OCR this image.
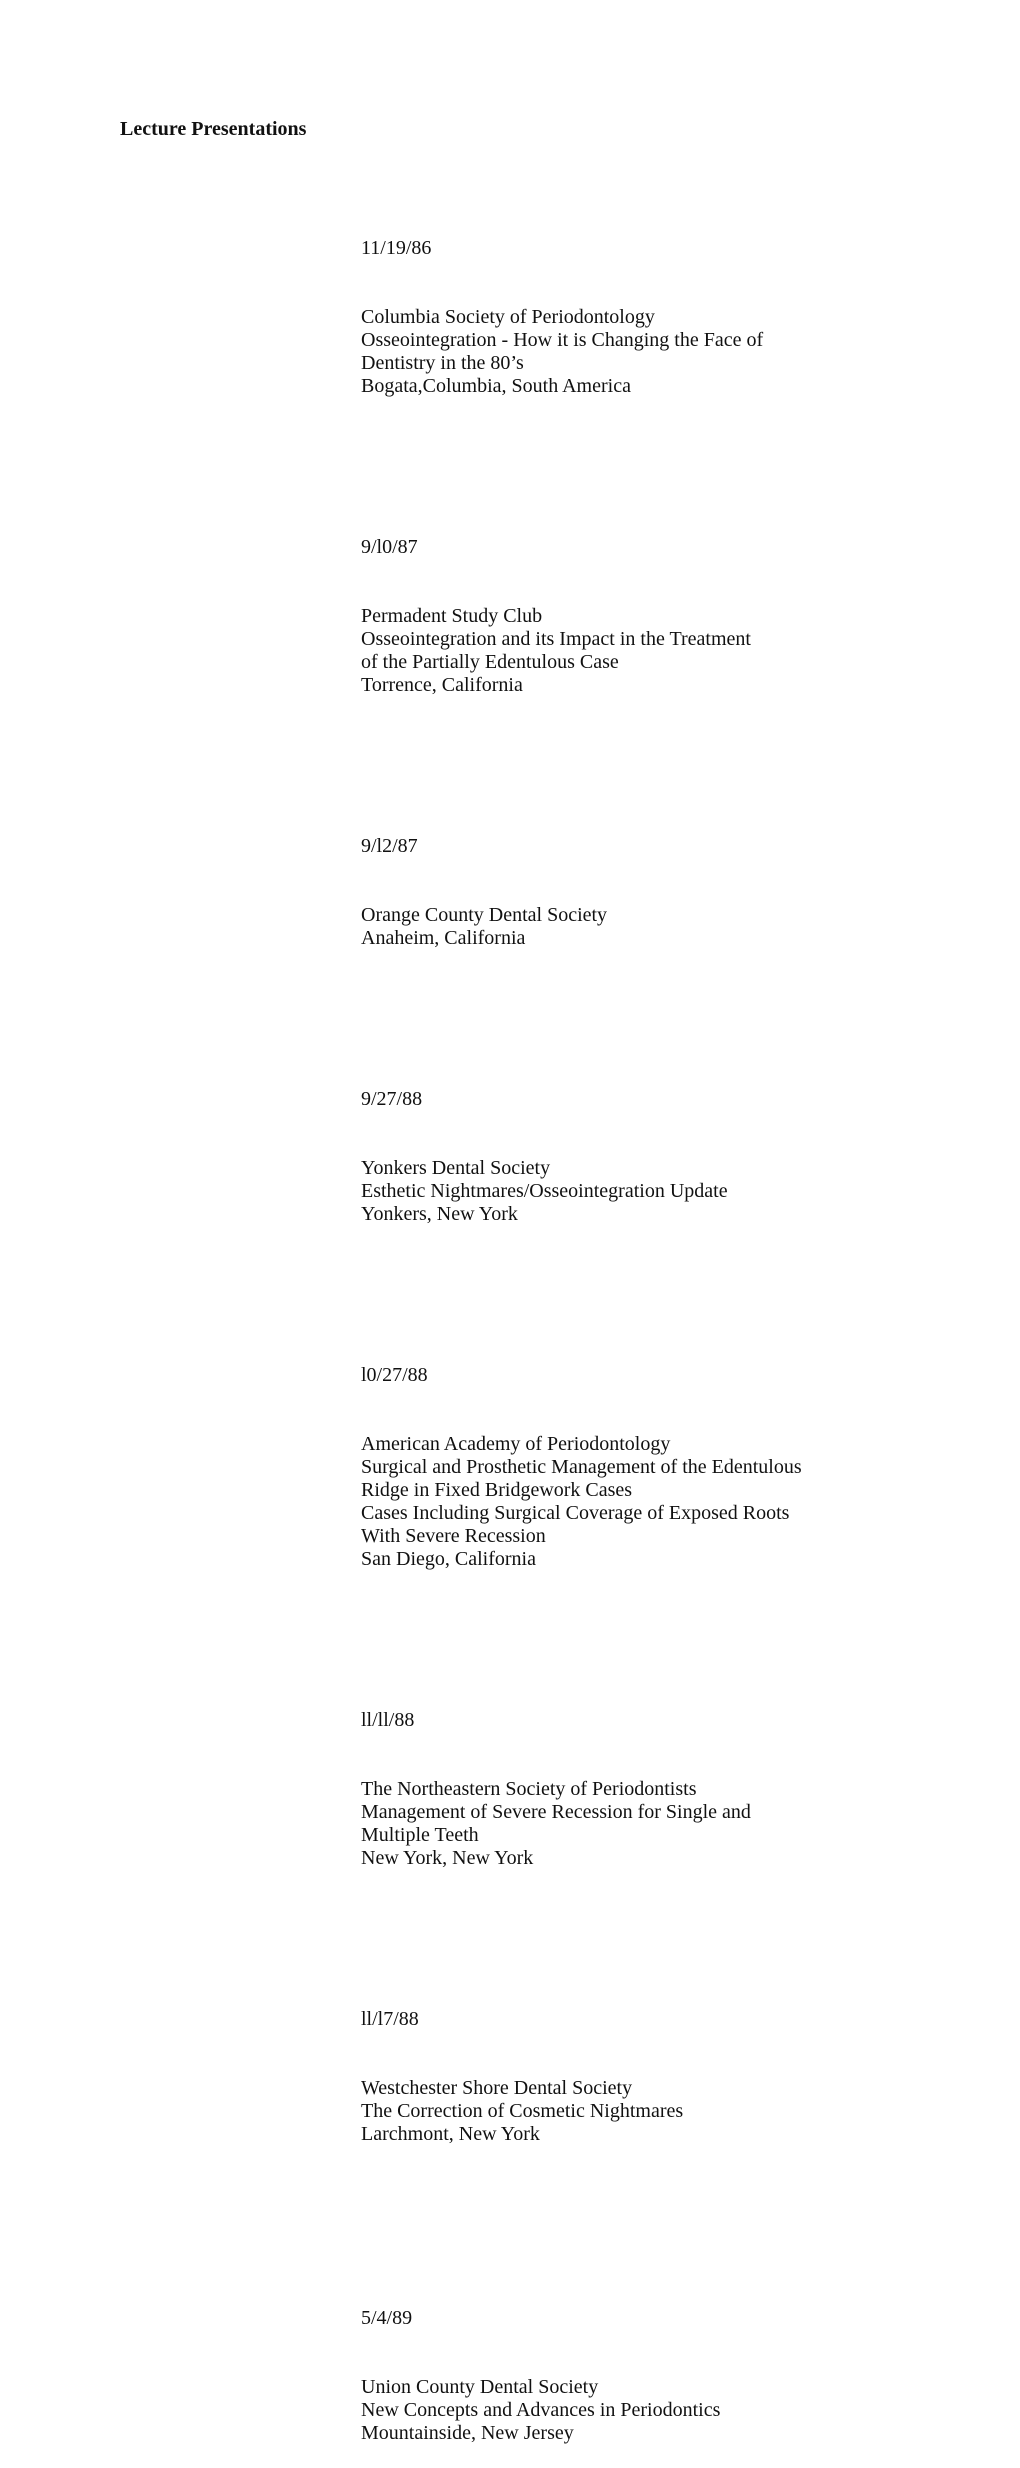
Lecture Presentations

11/19/86

Columbia Society of Periodontology
Osseointegration - How it is Changing the Face of
Dentistry in the 80’s
Bogata,Columbia, South America

9/l0/87

Permadent Study Club
Osseointegration and its Impact in the Treatment
of the Partially Edentulous Case
Torrence, California

9/l2/87

Orange County Dental Society
Anaheim, California

9/27/88

Yonkers Dental Society
Esthetic Nightmares/Osseointegration Update
Yonkers, New York

l0/27/88

American Academy of Periodontology
Surgical and Prosthetic Management of the Edentulous
Ridge in Fixed Bridgework Cases
Cases Including Surgical Coverage of Exposed Roots
With Severe Recession
San Diego, California

ll/ll/88

The Northeastern Society of Periodontists
Management of Severe Recession for Single and
Multiple Teeth
New York, New York

ll/l7/88

Westchester Shore Dental Society
The Correction of Cosmetic Nightmares
Larchmont, New York

5/4/89

Union County Dental Society
New Concepts and Advances in Periodontics
Mountainside, New Jersey
